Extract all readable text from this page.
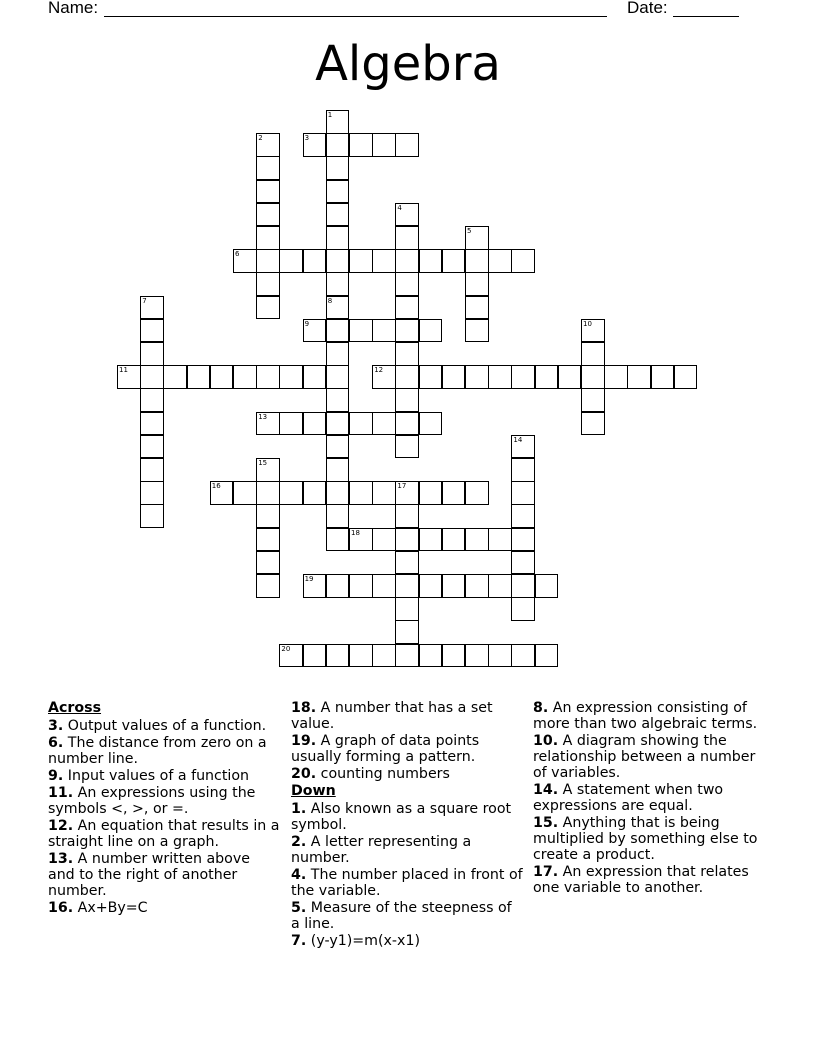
Name:	Date:
Algebra
1
8
2	3
4
5
6
7
9	10
11	12
13
14
15
16	17
18
19
20
Across
3. Output values of a function.
6. The distance from zero on a number line.
9. Input values of a function
11. An expressions using the symbols <, >, or =.
12. An equation that results in a straight line on a graph.
13. A number written above and to the right of another number.
16. Ax+By=C
18. A number that has a set value.
19. A graph of data points usually forming a pattern.
20. counting numbers
Down
1. Also known as a square root symbol.
2. A letter representing a number.
4. The number placed in front of the variable.
5. Measure of the steepness of a line.
7. (y-y1)=m(x-x1)
8. An expression consisting of more than two algebraic terms.
10. A diagram showing the relationship between a number of variables.
14. A statement when two expressions are equal.
15. Anything that is being multiplied by something else to create a product.
17. An expression that relates one variable to another.
